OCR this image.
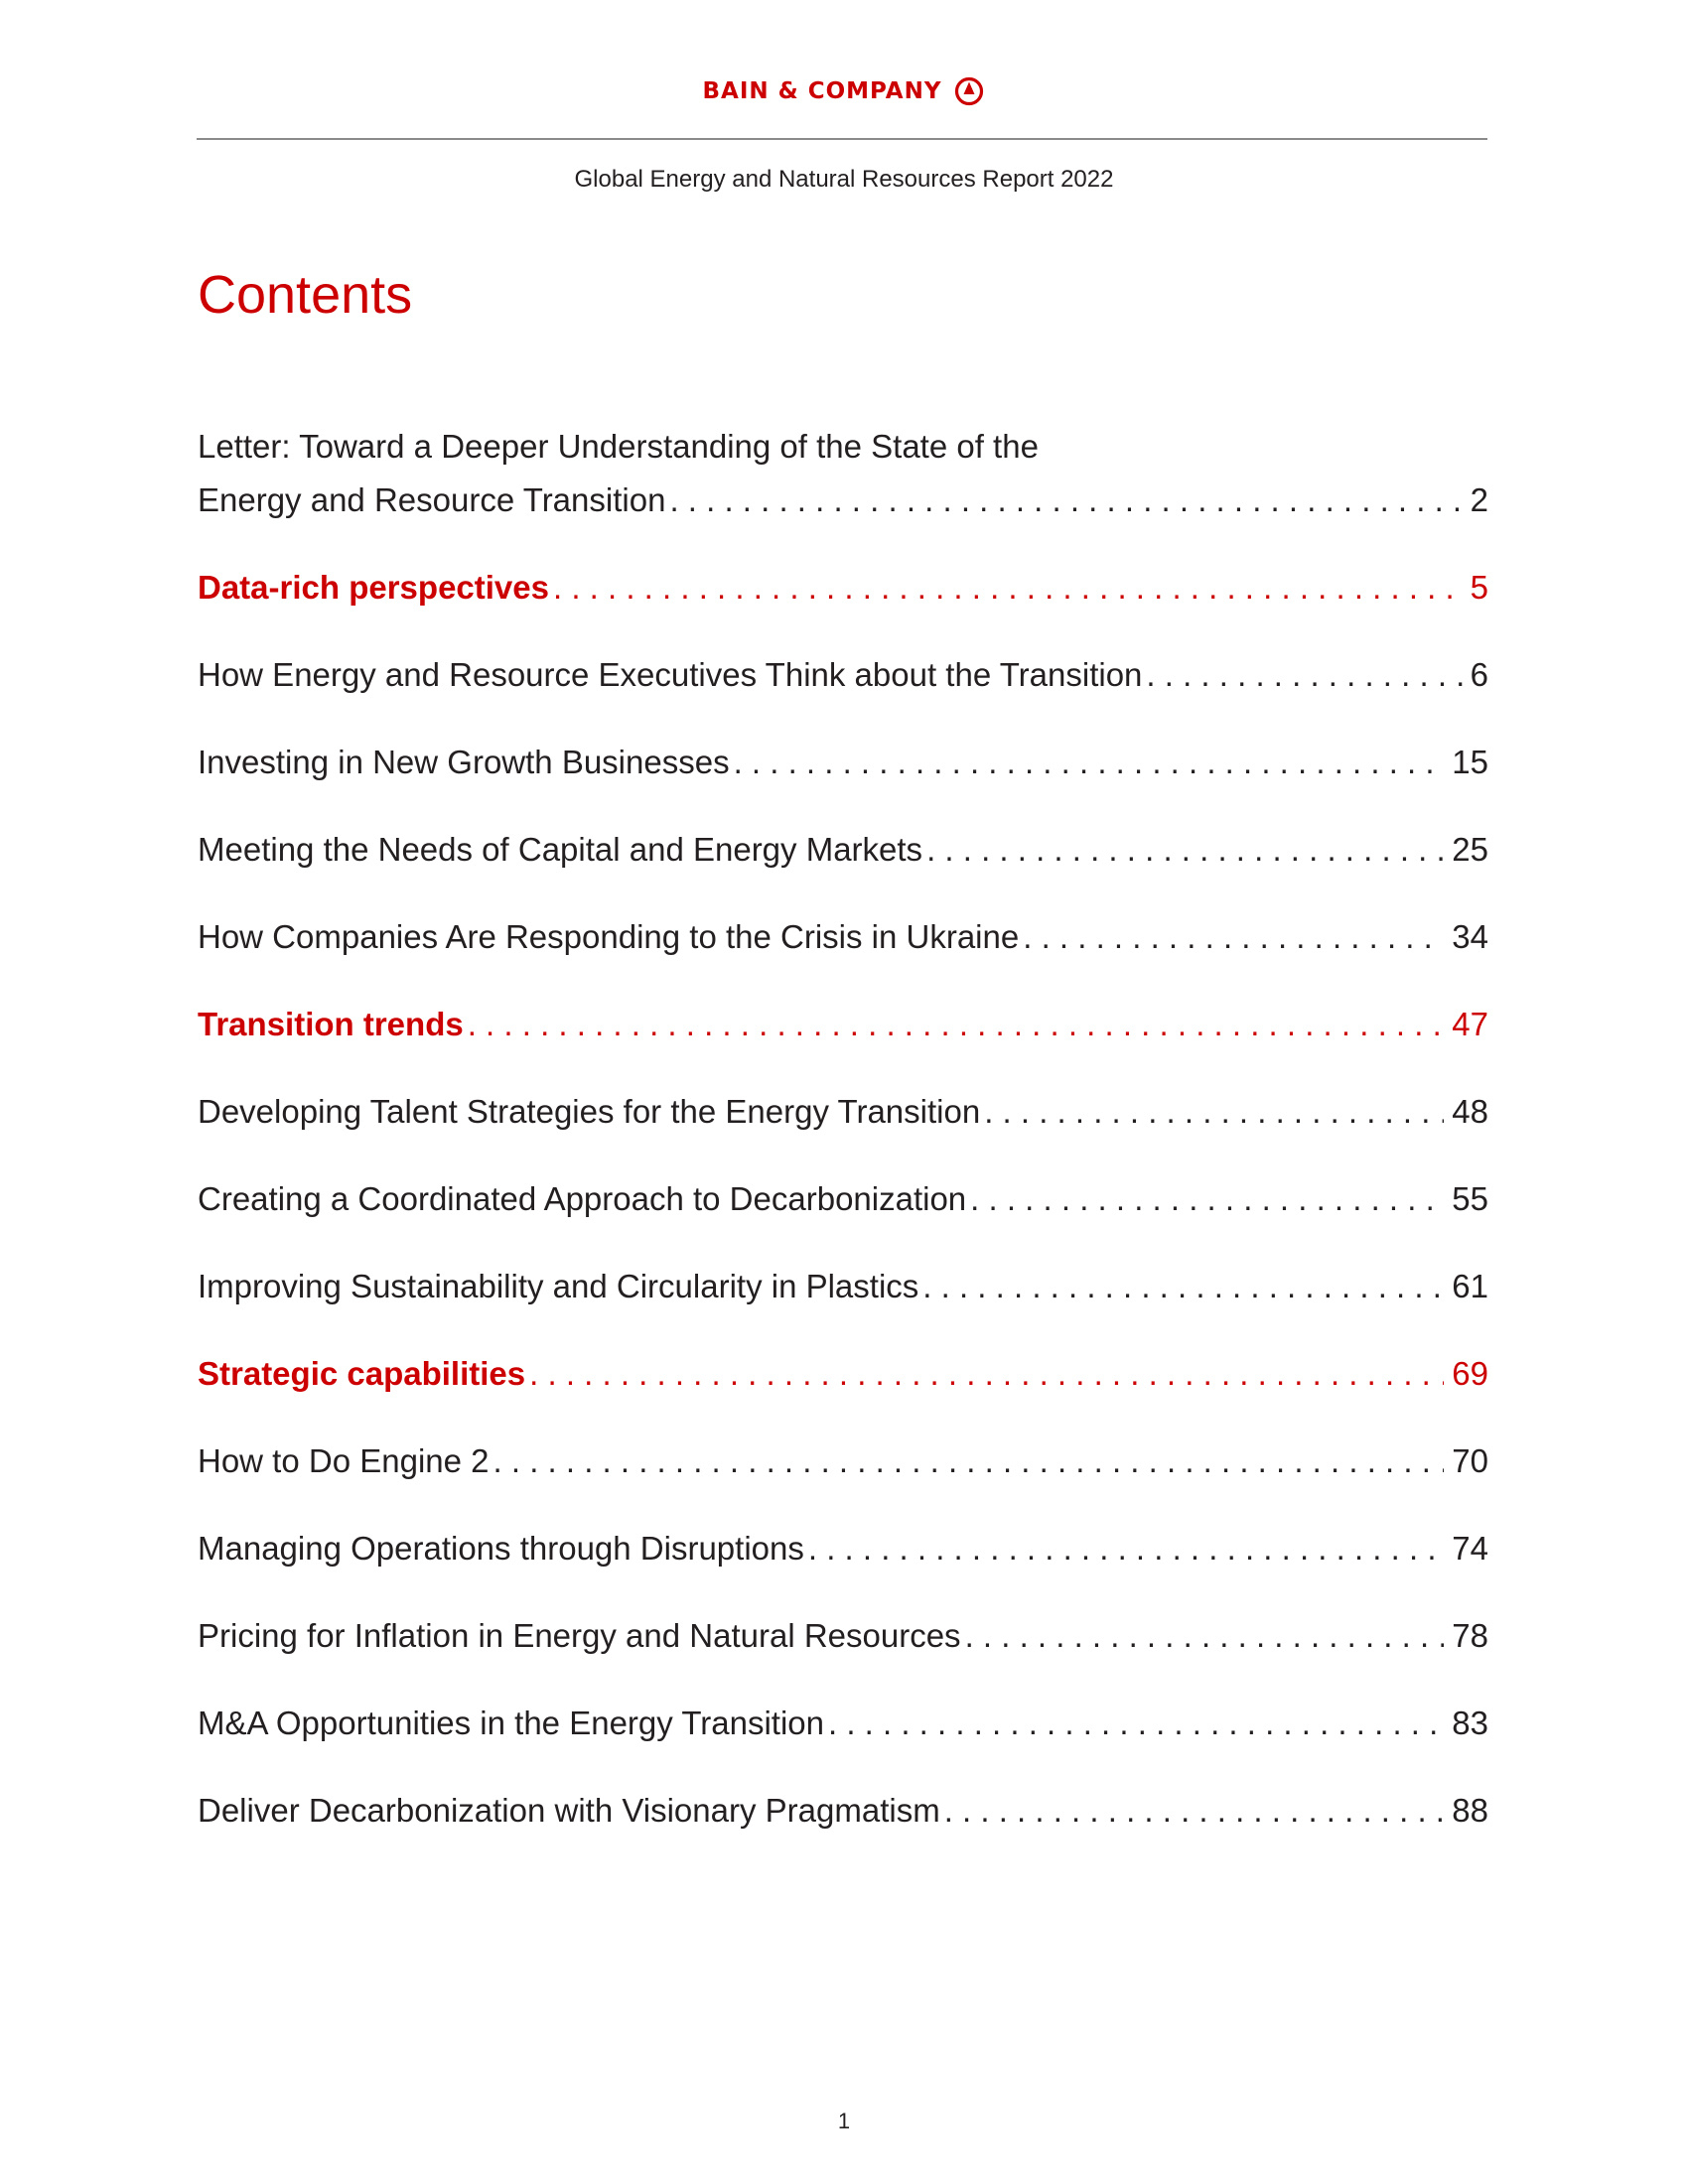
BAIN & COMPANY
Global Energy and Natural Resources Report 2022
Contents
Letter: Toward a Deeper Understanding of the State of the
Energy and Resource Transition . . .	2
Data-rich perspectives . . .	5
How Energy and Resource Executives Think about the Transition . . .	6
Investing in New Growth Businesses . . .	15
Meeting the Needs of Capital and Energy Markets . . .	25
How Companies Are Responding to the Crisis in Ukraine . . .	34
Transition trends . . .	47
Developing Talent Strategies for the Energy Transition . . .	48
Creating a Coordinated Approach to Decarbonization . . .	55
Improving Sustainability and Circularity in Plastics . . .	61
Strategic capabilities . . .	69
How to Do Engine 2 . . .	70
Managing Operations through Disruptions . . .	74
Pricing for Inflation in Energy and Natural Resources . . .	78
M&A Opportunities in the Energy Transition . . .	83
Deliver Decarbonization with Visionary Pragmatism . . .	88
1
